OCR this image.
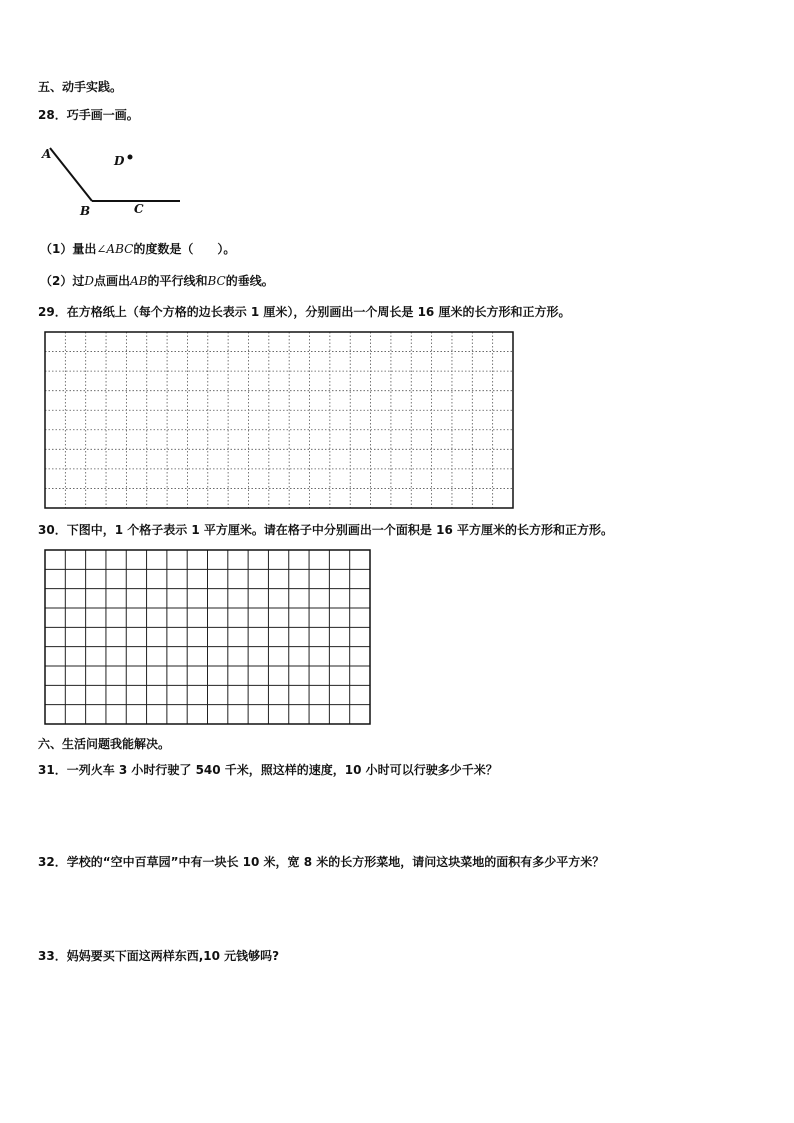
五、动手实践。
28．巧手画一画。
A
B	C
D
（1）量出∠ABC的度数是（　　）。
（2）过D点画出AB的平行线和BC的垂线。
29．在方格纸上（每个方格的边长表示 1 厘米），分别画出一个周长是 16 厘米的长方形和正方形。
30．下图中，1 个格子表示 1 平方厘米。请在格子中分别画出一个面积是 16 平方厘米的长方形和正方形。
六、生活问题我能解决。
31．一列火车 3 小时行驶了 540 千米，照这样的速度，10 小时可以行驶多少千米？
32．学校的“空中百草园”中有一块长 10 米，宽 8 米的长方形菜地，请问这块菜地的面积有多少平方米？
33．妈妈要买下面这两样东西,10 元钱够吗?
